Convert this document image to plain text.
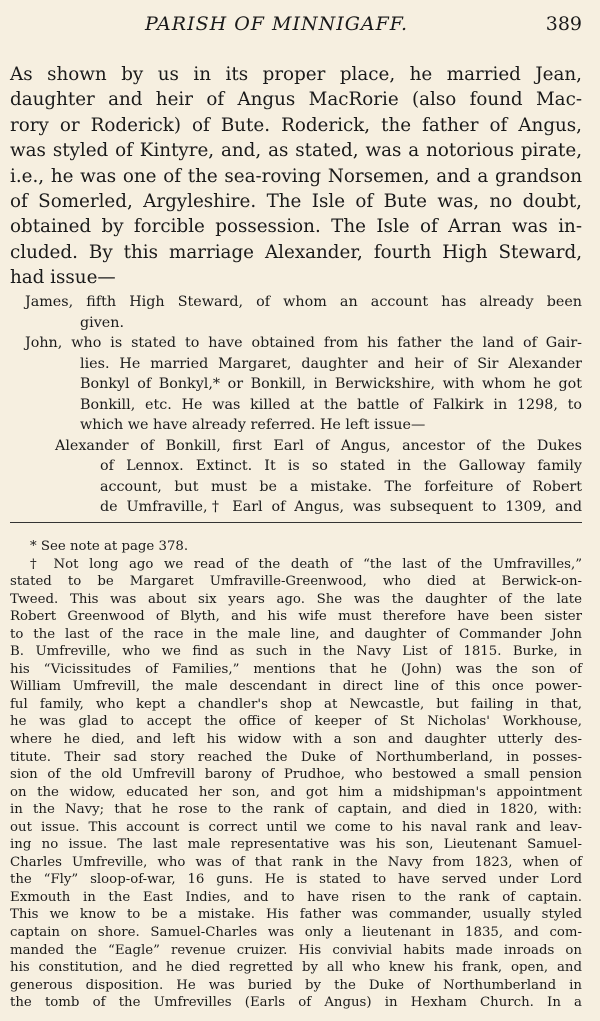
PARISH OF MINNIGAFF.	389
As shown by us in its proper place, he married Jean,
daughter and heir of Angus MacRorie (also found Mac-
rory or Roderick) of Bute. Roderick, the father of Angus,
was styled of Kintyre, and, as stated, was a notorious pirate,
i.e., he was one of the sea-roving Norsemen, and a grandson
of Somerled, Argyleshire. The Isle of Bute was, no doubt,
obtained by forcible possession. The Isle of Arran was in-
cluded. By this marriage Alexander, fourth High Steward,
had issue—
James, fifth High Steward, of whom an account has already been
given.
John, who is stated to have obtained from his father the land of Gair-
lies. He married Margaret, daughter and heir of Sir Alexander
Bonkyl of Bonkyl,* or Bonkill, in Berwickshire, with whom he got
Bonkill, etc. He was killed at the battle of Falkirk in 1298, to
which we have already referred. He left issue—
Alexander of Bonkill, first Earl of Angus, ancestor of the Dukes
of Lennox. Extinct. It is so stated in the Galloway family
account, but must be a mistake. The forfeiture of Robert
de Umfraville,† Earl of Angus, was subsequent to 1309, and
* See note at page 378.
† Not long ago we read of the death of “the last of the Umfravilles,”
stated to be Margaret Umfraville-Greenwood, who died at Berwick-on-
Tweed. This was about six years ago. She was the daughter of the late
Robert Greenwood of Blyth, and his wife must therefore have been sister
to the last of the race in the male line, and daughter of Commander John
B. Umfreville, who we find as such in the Navy List of 1815. Burke, in
his “Vicissitudes of Families,” mentions that he (John) was the son of
William Umfrevill, the male descendant in direct line of this once power-
ful family, who kept a chandler's shop at Newcastle, but failing in that,
he was glad to accept the office of keeper of St Nicholas' Workhouse,
where he died, and left his widow with a son and daughter utterly des-
titute. Their sad story reached the Duke of Northumberland, in posses-
sion of the old Umfrevill barony of Prudhoe, who bestowed a small pension
on the widow, educated her son, and got him a midshipman's appointment
in the Navy; that he rose to the rank of captain, and died in 1820, with:
out issue. This account is correct until we come to his naval rank and leav-
ing no issue. The last male representative was his son, Lieutenant Samuel-
Charles Umfreville, who was of that rank in the Navy from 1823, when of
the “Fly” sloop-of-war, 16 guns. He is stated to have served under Lord
Exmouth in the East Indies, and to have risen to the rank of captain.
This we know to be a mistake. His father was commander, usually styled
captain on shore. Samuel-Charles was only a lieutenant in 1835, and com-
manded the “Eagle” revenue cruizer. His convivial habits made inroads on
his constitution, and he died regretted by all who knew his frank, open, and
generous disposition. He was buried by the Duke of Northumberland in
the tomb of the Umfrevilles (Earls of Angus) in Hexham Church. In a
